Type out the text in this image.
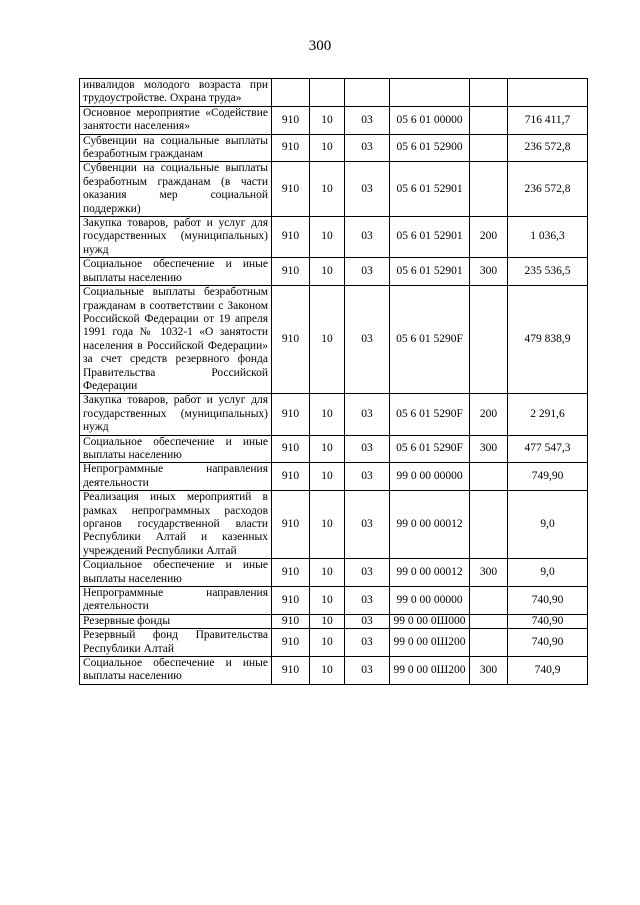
300
инвалидов молодого возраста при трудоустройстве. Охрана труда»						
Основное мероприятие «Содействие занятости населения»	910	10	03	05 6 01 00000		716 411,7
Субвенции на социальные выплаты безработным гражданам	910	10	03	05 6 01 52900		236 572,8
Субвенции на социальные выплаты безработным гражданам (в части оказания мер социальной поддержки)	910	10	03	05 6 01 52901		236 572,8
Закупка товаров, работ и услуг для государственных (муниципальных) нужд	910	10	03	05 6 01 52901	200	1 036,3
Социальное обеспечение и иные выплаты населению	910	10	03	05 6 01 52901	300	235 536,5
Социальные выплаты безработным гражданам в соответствии с Законом Российской Федерации от 19 апреля 1991 года № 1032-1 «О занятости населения в Российской Федерации» за счет средств резервного фонда Правительства Российской Федерации	910	10	03	05 6 01 5290F		479 838,9
Закупка товаров, работ и услуг для государственных (муниципальных) нужд	910	10	03	05 6 01 5290F	200	2 291,6
Социальное обеспечение и иные выплаты населению	910	10	03	05 6 01 5290F	300	477 547,3
Непрограммные направления деятельности	910	10	03	99 0 00 00000		749,90
Реализация иных мероприятий в рамках непрограммных расходов органов государственной власти Республики Алтай и казенных учреждений Республики Алтай	910	10	03	99 0 00 00012		9,0
Социальное обеспечение и иные выплаты населению	910	10	03	99 0 00 00012	300	9,0
Непрограммные направления деятельности	910	10	03	99 0 00 00000		740,90
Резервные фонды	910	10	03	99 0 00 0Ш000		740,90
Резервный фонд Правительства Республики Алтай	910	10	03	99 0 00 0Ш200		740,90
Социальное обеспечение и иные выплаты населению	910	10	03	99 0 00 0Ш200	300	740,9
